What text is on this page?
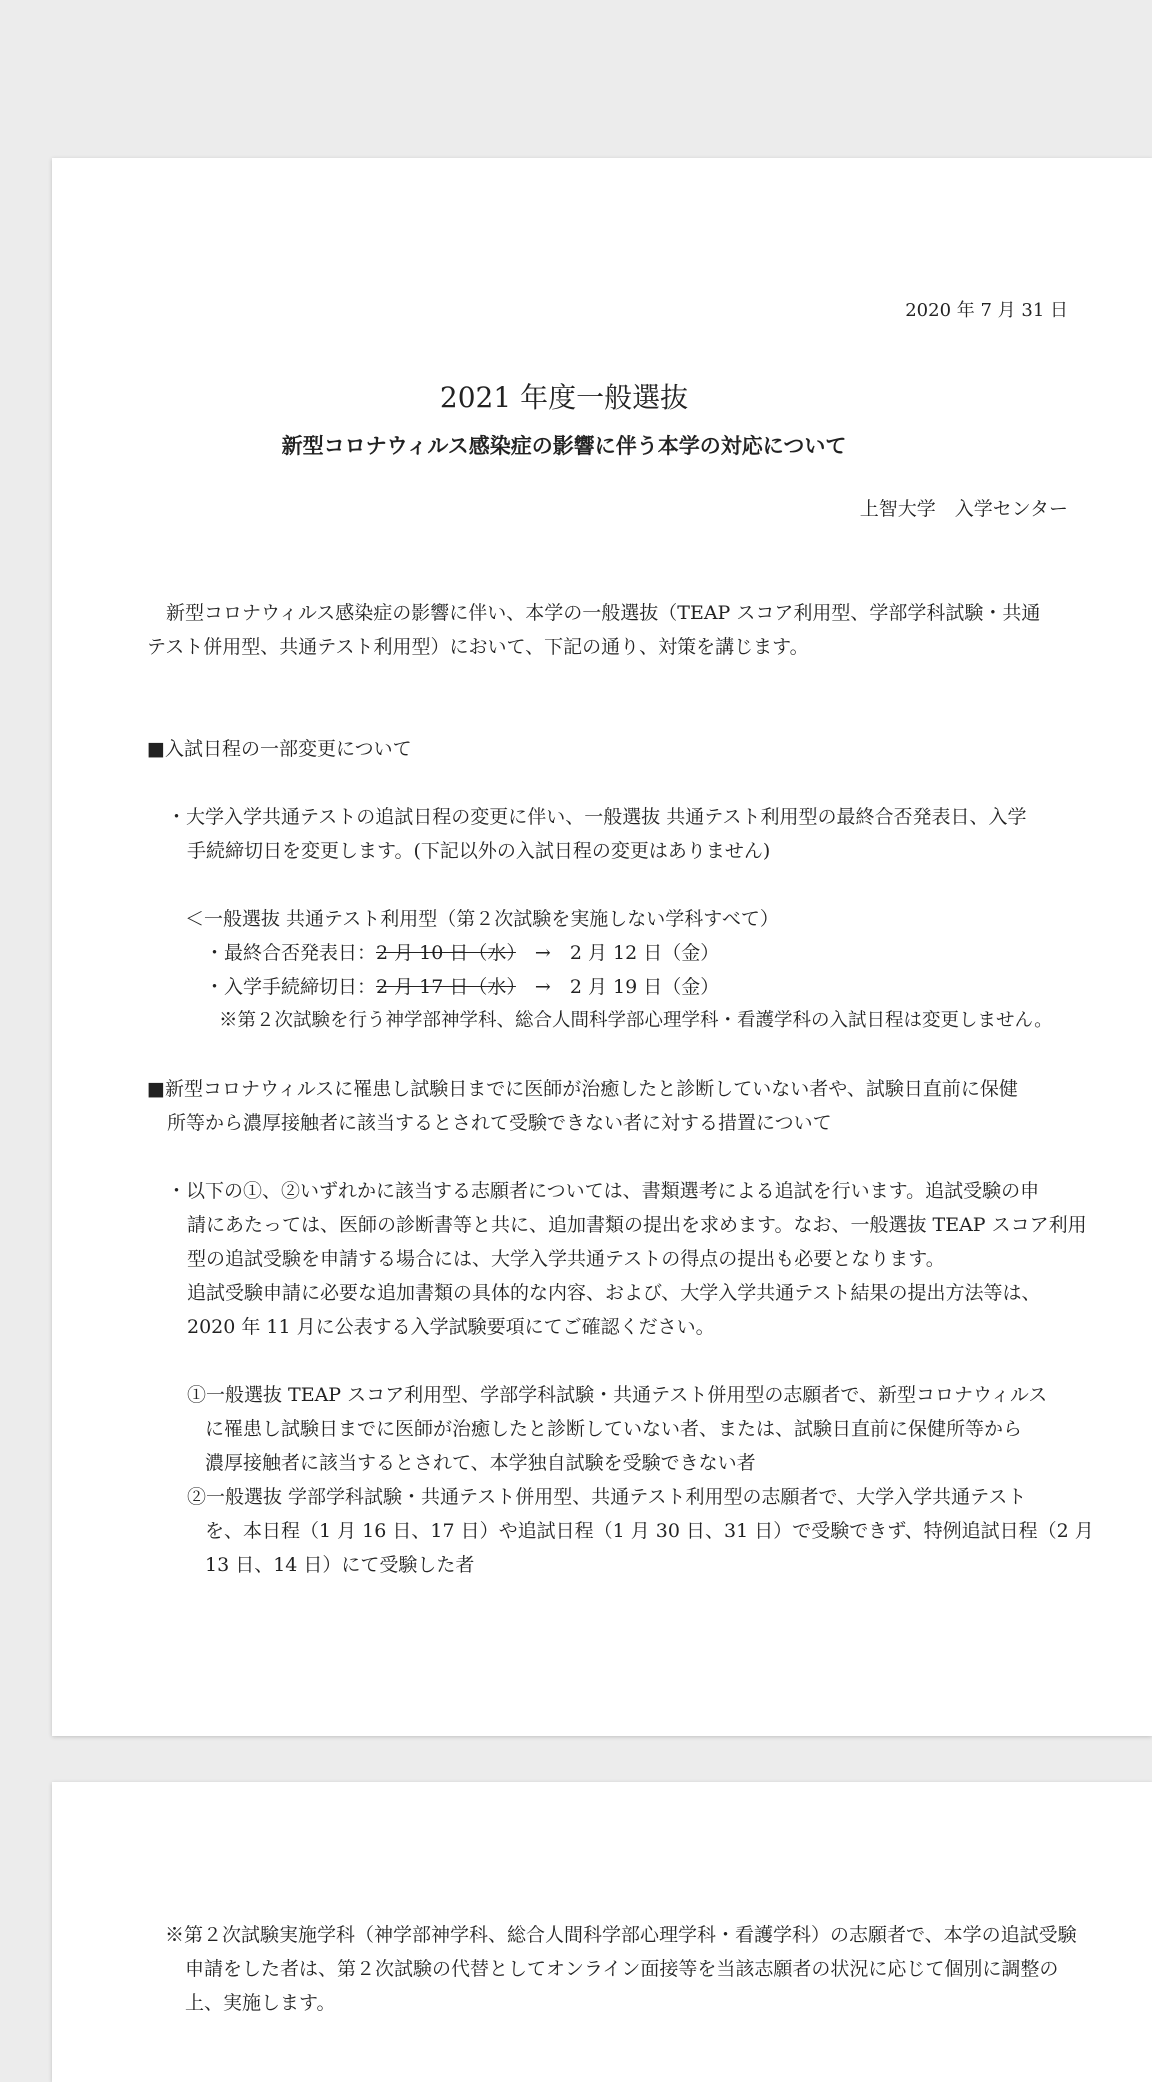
2020 年 7 月 31 日
2021 年度一般選抜
新型コロナウィルス感染症の影響に伴う本学の対応について
上智大学　入学センター
　新型コロナウィルス感染症の影響に伴い、本学の一般選抜（TEAP スコア利用型、学部学科試験・共通
テスト併用型、共通テスト利用型）において、下記の通り、対策を講じます。
■入試日程の一部変更について
・大学入学共通テストの追試日程の変更に伴い、一般選抜 共通テスト利用型の最終合否発表日、入学
手続締切日を変更します。(下記以外の入試日程の変更はありません)
＜一般選抜 共通テスト利用型（第２次試験を実施しない学科すべて）
・最終合否発表日：2 月 10 日（水）　 →　 2 月 12 日（金）
・入学手続締切日：2 月 17 日（水）　 →　 2 月 19 日（金）
※第２次試験を行う神学部神学科、総合人間科学部心理学科・看護学科の入試日程は変更しません。
■新型コロナウィルスに罹患し試験日までに医師が治癒したと診断していない者や、試験日直前に保健
所等から濃厚接触者に該当するとされて受験できない者に対する措置について
・以下の①、②いずれかに該当する志願者については、書類選考による追試を行います。追試受験の申
請にあたっては、医師の診断書等と共に、追加書類の提出を求めます。なお、一般選抜 TEAP スコア利用
型の追試受験を申請する場合には、大学入学共通テストの得点の提出も必要となります。
追試受験申請に必要な追加書類の具体的な内容、および、大学入学共通テスト結果の提出方法等は、
2020 年 11 月に公表する入学試験要項にてご確認ください。
①一般選抜 TEAP スコア利用型、学部学科試験・共通テスト併用型の志願者で、新型コロナウィルス
に罹患し試験日までに医師が治癒したと診断していない者、または、試験日直前に保健所等から
濃厚接触者に該当するとされて、本学独自試験を受験できない者
②一般選抜 学部学科試験・共通テスト併用型、共通テスト利用型の志願者で、大学入学共通テスト
を、本日程（1 月 16 日、17 日）や追試日程（1 月 30 日、31 日）で受験できず、特例追試日程（2 月
13 日、14 日）にて受験した者
※第２次試験実施学科（神学部神学科、総合人間科学部心理学科・看護学科）の志願者で、本学の追試受験
申請をした者は、第２次試験の代替としてオンライン面接等を当該志願者の状況に応じて個別に調整の
上、実施します。
